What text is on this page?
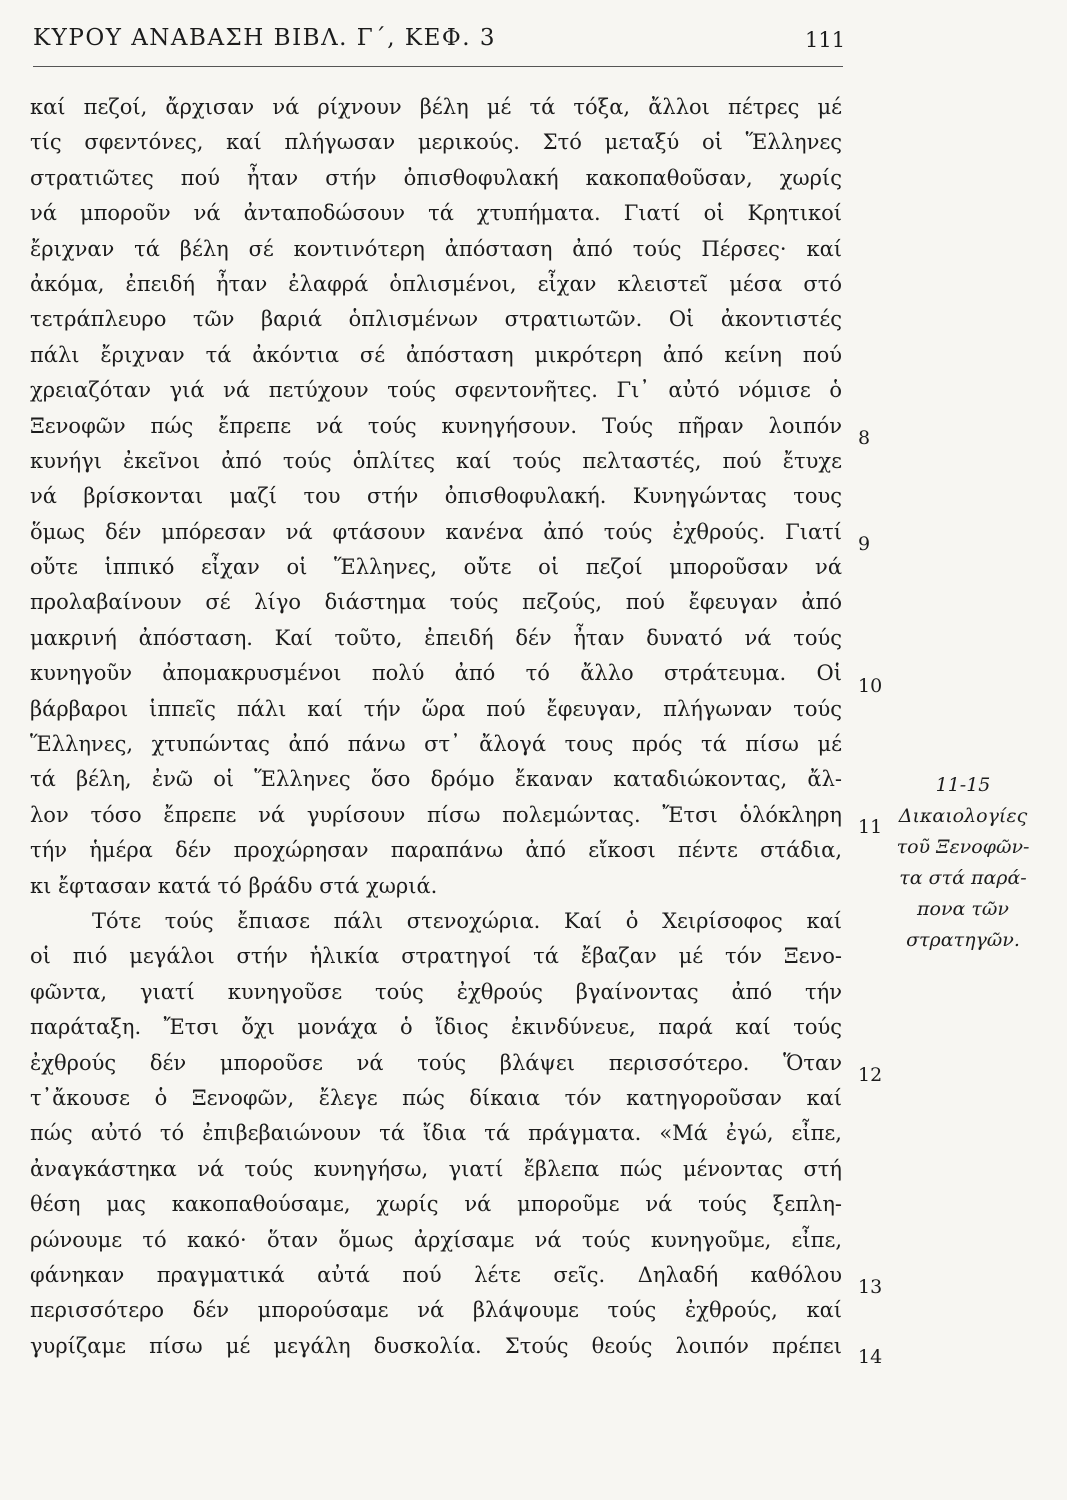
ΚΥΡΟΥ ΑΝΑΒΑΣΗ ΒΙΒΛ. Γ΄, ΚΕΦ. 3	111
καί πεζοί, ἄρχισαν νά ρίχνουν βέλη μέ τά τόξα, ἄλλοι πέτρες μέ
τίς σφεντόνες, καί πλήγωσαν μερικούς. Στό μεταξύ οἱ Ἕλληνες
στρατιῶτες πού ἦταν στήν ὀπισθοφυλακή κακοπαθοῦσαν, χωρίς
νά μποροῦν νά ἀνταποδώσουν τά χτυπήματα. Γιατί οἱ Κρητικοί
ἔριχναν τά βέλη σέ κοντινότερη ἀπόσταση ἀπό τούς Πέρσες· καί
ἀκόμα, ἐπειδή ἦταν ἐλαφρά ὁπλισμένοι, εἶχαν κλειστεῖ μέσα στό
τετράπλευρο τῶν βαριά ὁπλισμένων στρατιωτῶν. Οἱ ἀκοντιστές
πάλι ἔριχναν τά ἀκόντια σέ ἀπόσταση μικρότερη ἀπό κείνη πού
χρειαζόταν γιά νά πετύχουν τούς σφεντονῆτες. Γι᾽ αὐτό νόμισε ὁ
Ξενοφῶν πώς ἔπρεπε νά τούς κυνηγήσουν. Τούς πῆραν λοιπόν
κυνήγι ἐκεῖνοι ἀπό τούς ὁπλίτες καί τούς πελταστές, πού ἔτυχε
νά βρίσκονται μαζί του στήν ὀπισθοφυλακή. Κυνηγώντας τους
ὅμως δέν μπόρεσαν νά φτάσουν κανένα ἀπό τούς ἐχθρούς. Γιατί
οὔτε ἱππικό εἶχαν οἱ Ἕλληνες, οὔτε οἱ πεζοί μποροῦσαν νά
προλαβαίνουν σέ λίγο διάστημα τούς πεζούς, πού ἔφευγαν ἀπό
μακρινή ἀπόσταση. Καί τοῦτο, ἐπειδή δέν ἦταν δυνατό νά τούς
κυνηγοῦν ἀπομακρυσμένοι πολύ ἀπό τό ἄλλο στράτευμα. Οἱ
βάρβαροι ἱππεῖς πάλι καί τήν ὥρα πού ἔφευγαν, πλήγωναν τούς
Ἕλληνες, χτυπώντας ἀπό πάνω στ᾽ ἄλογά τους πρός τά πίσω μέ
τά βέλη, ἐνῶ οἱ Ἕλληνες ὅσο δρόμο ἔκαναν καταδιώκοντας, ἄλ-
λον τόσο ἔπρεπε νά γυρίσουν πίσω πολεμώντας. Ἔτσι ὁλόκληρη
τήν ἡμέρα δέν προχώρησαν παραπάνω ἀπό εἴκοσι πέντε στάδια,
κι ἔφτασαν κατά τό βράδυ στά χωριά.
Τότε τούς ἔπιασε πάλι στενοχώρια. Καί ὁ Χειρίσοφος καί
οἱ πιό μεγάλοι στήν ἡλικία στρατηγοί τά ἔβαζαν μέ τόν Ξενο-
φῶντα, γιατί κυνηγοῦσε τούς ἐχθρούς βγαίνοντας ἀπό τήν
παράταξη. Ἔτσι ὄχι μονάχα ὁ ἴδιος ἐκινδύνευε, παρά καί τούς
ἐχθρούς δέν μποροῦσε νά τούς βλάψει περισσότερο. Ὅταν
τ᾽ἄκουσε ὁ Ξενοφῶν, ἔλεγε πώς δίκαια τόν κατηγοροῦσαν καί
πώς αὐτό τό ἐπιβεβαιώνουν τά ἴδια τά πράγματα. «Μά ἐγώ, εἶπε,
ἀναγκάστηκα νά τούς κυνηγήσω, γιατί ἔβλεπα πώς μένοντας στή
θέση μας κακοπαθούσαμε, χωρίς νά μποροῦμε νά τούς ξεπλη-
ρώνουμε τό κακό· ὅταν ὅμως ἀρχίσαμε νά τούς κυνηγοῦμε, εἶπε,
φάνηκαν πραγματικά αὐτά πού λέτε σεῖς. Δηλαδή καθόλου
περισσότερο δέν μπορούσαμε νά βλάψουμε τούς ἐχθρούς, καί
γυρίζαμε πίσω μέ μεγάλη δυσκολία. Στούς θεούς λοιπόν πρέπει
8
9
10
11
12
13
14
11-15
Δικαιολογίες
τοῦ Ξενοφῶν-
τα στά παρά-
πονα τῶν
στρατηγῶν.
